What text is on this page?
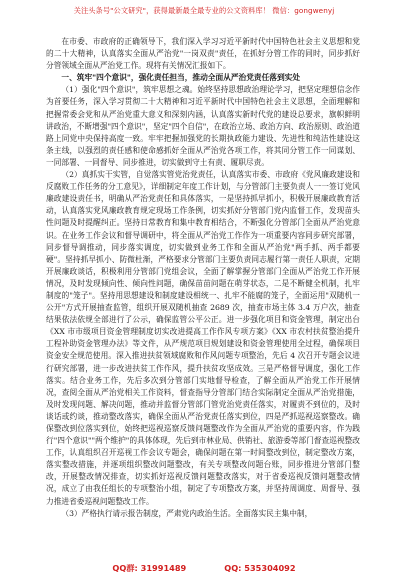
关注头条号"公文研究"，获得最新最全最专业的公文资料库！ 微信：gongwenyj

在市委、市政府的正确领导下，我们深入学习习近平新时代中国特色社会主义思想和党的二十大精神，认真落实全面从严治党"一岗双责"责任，在抓好分管工作的同时，同步抓好分管领域全面从严治党工作。现将有关情况汇报如下。

一、筑牢"四个意识"，强化责任担当，推动全面从严治党责任落到实处

（1）强化"四个意识"，筑牢思想之魂。始终坚持思想政治理论学习，把坚定理想信念作为首要任务，深入学习贯彻二十大精神和习近平新时代中国特色社会主义思想，全面理解和把握常委会党和从严治党重大意义和深刻内涵，认真落实新时代党的建设总要求，旗帜鲜明讲政治，不断增强"四个意识"，坚定"四个自信"，在政治立场、政治方向、政治原则、政治道路上同党中央保持高度一致。牢牢把握加强党的长期执政能力建设、先进性和纯洁性建设这条主线，以强烈的责任感和使命感抓好全面从严治党各项工作，将其同分管工作一同谋划、一同部署、一同督导、同步推进，切实做到守土有责、履职尽责。

（2）真抓实干实管，自觉落实管党治党责任，认真落实市委、市政府《党风廉政建设和反腐败工作任务的分工意见》，详细制定年度工作计划，与分管部门主要负责人一一签订党风廉政建设责任书，明确从严治党责任和具体落实，一是坚持抓早抓小，积极开展廉政教育活动，认真落实党风廉政教育规定现场工作条例，切实抓好分管部门党内监督工作，发现苗头性问题及时提醒纠正。坚持日常教育和集中教育相结合，不断强化分管部门全面从严治党意识。在业务工作会议和督导调研中，将全面从严治党工作作为一项重要内容同步研究部署，同步督导调推动，同步落实调度，切实做到业务工作和全面从严治党"两手抓、两手都要硬"。坚持抓早抓小、防微杜渐，严格要求分管部门主要负责同志履行第一责任人职责，定期开展廉政谈话，积极利用分管部门党组会议，全面了解掌握分管部门全面从严治党工作开展情况，及时发现倾向性、倾向性问题，确保苗苗问题在萌芽状态，二是不断健全机制，扎牢制度的"笼子"。坚持用思想建设和制度建设相统一、扎牢不能腐的笼子，全面运用"双随机一公开"方式开展抽查监管，组织开展双随机抽查 2689 次，抽查市场主体 3.4 万户次，抽查结果依法依规全部进行了公示，确保监管公平公正。进一步强化项目和资金管理，制定出台《XX 市市级项目资金管理制度切实改进提高工作作风专项方案》《XX 市农村扶贫整治提升工程补助资金管理办法》等文件，从严规范项目规划建设和资金管理使用全过程，确保项目资金安全规范使用。深入推进扶贫领域腐败和作风问题专项整治，先后 4 次召开专题会议进行研究部署，进一步改进扶贫工作作风，提升扶贫攻坚成效。三是严格督导调度，强化工作落实。结合业务工作，先后多次到分管部门实地督导检查，了解全面从严治党工作开展情况，查阅全面从严治党相关工作资料，督查指导分管部门结合实际制定全面从严治党措施，及时发现问题、解决问题，推动并监督分管部门管党治党责任落实，对履责不到位的，及时谈话或约谈，推动整改落实，确保全面从严治党责任落实到位，四是严抓巡视巡察整改。确保整改到位落实到位，始终把巡视巡察反馈问题整改作为全面从严治党的重要内容，作为践行"四个意识""两个维护"的具体体现，先后到市林业局、供销社、旅游委等部门督查巡视整改工作，认真组织召开巡视工作会议专题会，确保问题在第一时间整改到位，制定整改方案，落实整改措施，并逐项组织整改问题整改，有关专项整改问题台账，同步推进分管部门整改，开展整改情况排查，切实抓好巡视反馈问题整改落实，对于省委巡视反馈问题整改情况，成立了由我任组长的专项整治小组，制定了专项整改方案，并坚持周调度、周督导、强力推进省委巡视问题整改工作。

（3）严格执行请示报告制度，严肃党内政治生活。全面落实民主集中制，

QQ群: 31991489	QQ: 535304092
